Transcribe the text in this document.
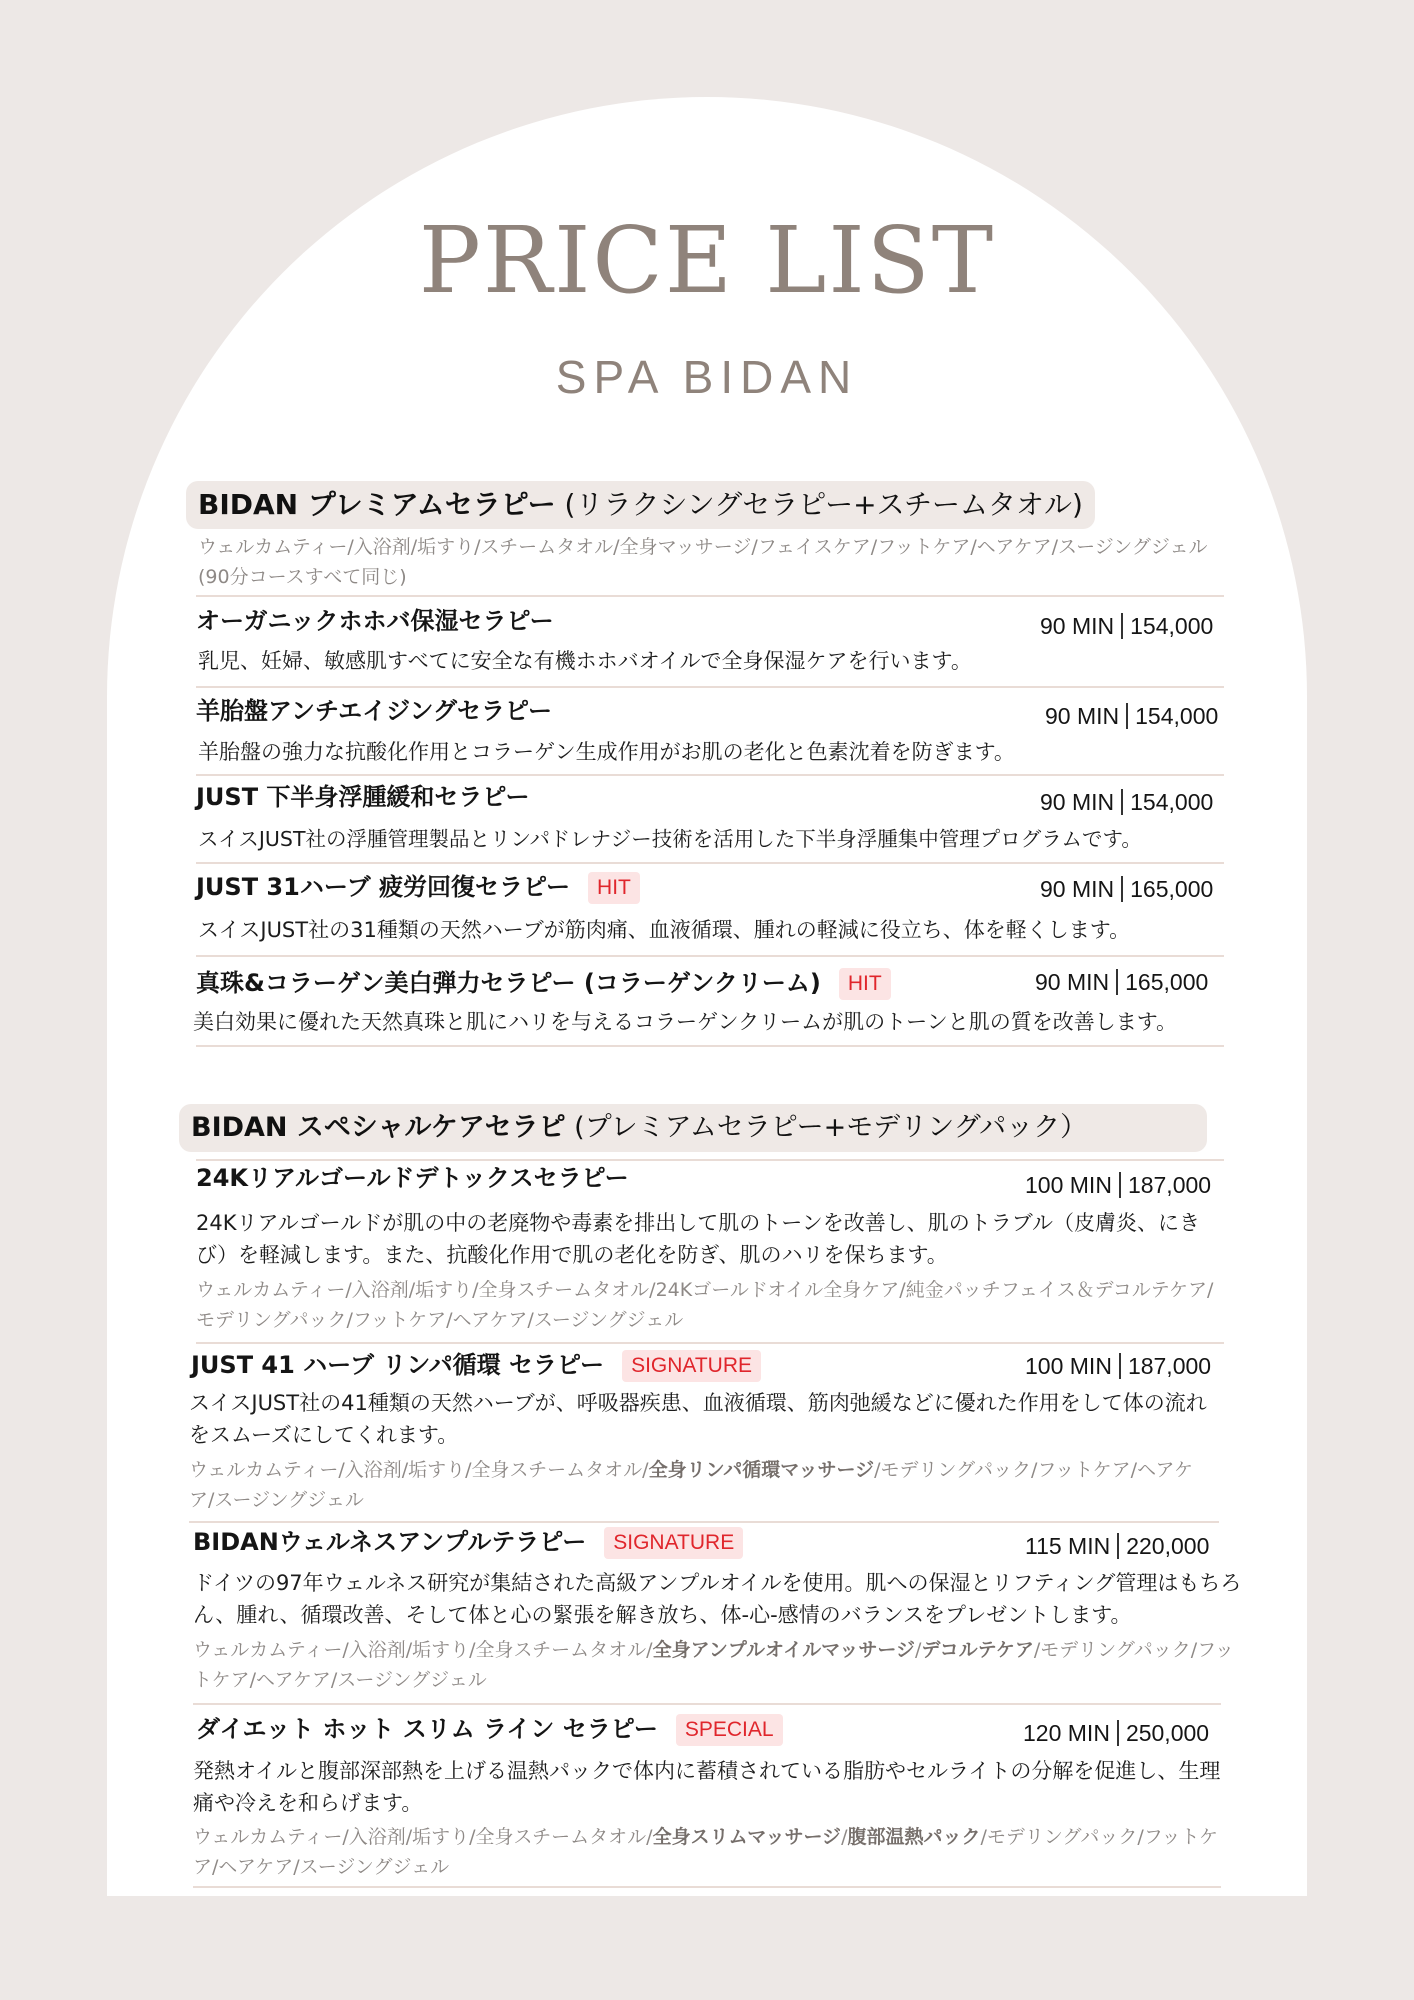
PRICE LIST
SPA BIDAN
BIDAN プレミアムセラピー (リラクシングセラピー+スチームタオル)
ウェルカムティー/入浴剤/垢すり/スチームタオル/全身マッサージ/フェイスケア/フットケア/ヘアケア/スージングジェル (90分コースすべて同じ)
オーガニックホホバ保湿セラピー	90 MIN 154,000
乳児、妊婦、敏感肌すべてに安全な有機ホホバオイルで全身保湿ケアを行います。
羊胎盤アンチエイジングセラピー	90 MIN 154,000
羊胎盤の強力な抗酸化作用とコラーゲン生成作用がお肌の老化と色素沈着を防ぎます。
JUST 下半身浮腫緩和セラピー	90 MIN 154,000
スイスJUST社の浮腫管理製品とリンパドレナジー技術を活用した下半身浮腫集中管理プログラムです。
JUST 31ハーブ 疲労回復セラピー HIT	90 MIN 165,000
スイスJUST社の31種類の天然ハーブが筋肉痛、血液循環、腫れの軽減に役立ち、体を軽くします。
真珠&コラーゲン美白弾力セラピー (コラーゲンクリーム) HIT	90 MIN 165,000
美白効果に優れた天然真珠と肌にハリを与えるコラーゲンクリームが肌のトーンと肌の質を改善します。
BIDAN スペシャルケアセラピ (プレミアムセラピー+モデリングパック）
24Kリアルゴールドデトックスセラピー	100 MIN 187,000
24Kリアルゴールドが肌の中の老廃物や毒素を排出して肌のトーンを改善し、肌のトラブル（皮膚炎、にきび）を軽減します。また、抗酸化作用で肌の老化を防ぎ、肌のハリを保ちます。
ウェルカムティー/入浴剤/垢すり/全身スチームタオル/24Kゴールドオイル全身ケア/純金パッチフェイス＆デコルテケア/モデリングパック/フットケア/ヘアケア/スージングジェル
JUST 41 ハーブ リンパ循環 セラピー SIGNATURE	100 MIN 187,000
スイスJUST社の41種類の天然ハーブが、呼吸器疾患、血液循環、筋肉弛緩などに優れた作用をして体の流れをスムーズにしてくれます。
ウェルカムティー/入浴剤/垢すり/全身スチームタオル/全身リンパ循環マッサージ/モデリングパック/フットケア/ヘアケア/スージングジェル
BIDANウェルネスアンプルテラピー SIGNATURE	115 MIN 220,000
ドイツの97年ウェルネス研究が集結された高級アンプルオイルを使用。肌への保湿とリフティング管理はもちろん、腫れ、循環改善、そして体と心の緊張を解き放ち、体-心-感情のバランスをプレゼントします。
ウェルカムティー/入浴剤/垢すり/全身スチームタオル/全身アンプルオイルマッサージ/デコルテケア/モデリングパック/フットケア/ヘアケア/スージングジェル
ダイエット ホット スリム ライン セラピー SPECIAL	120 MIN 250,000
発熱オイルと腹部深部熱を上げる温熱パックで体内に蓄積されている脂肪やセルライトの分解を促進し、生理痛や冷えを和らげます。
ウェルカムティー/入浴剤/垢すり/全身スチームタオル/全身スリムマッサージ/腹部温熱パック/モデリングパック/フットケア/ヘアケア/スージングジェル
